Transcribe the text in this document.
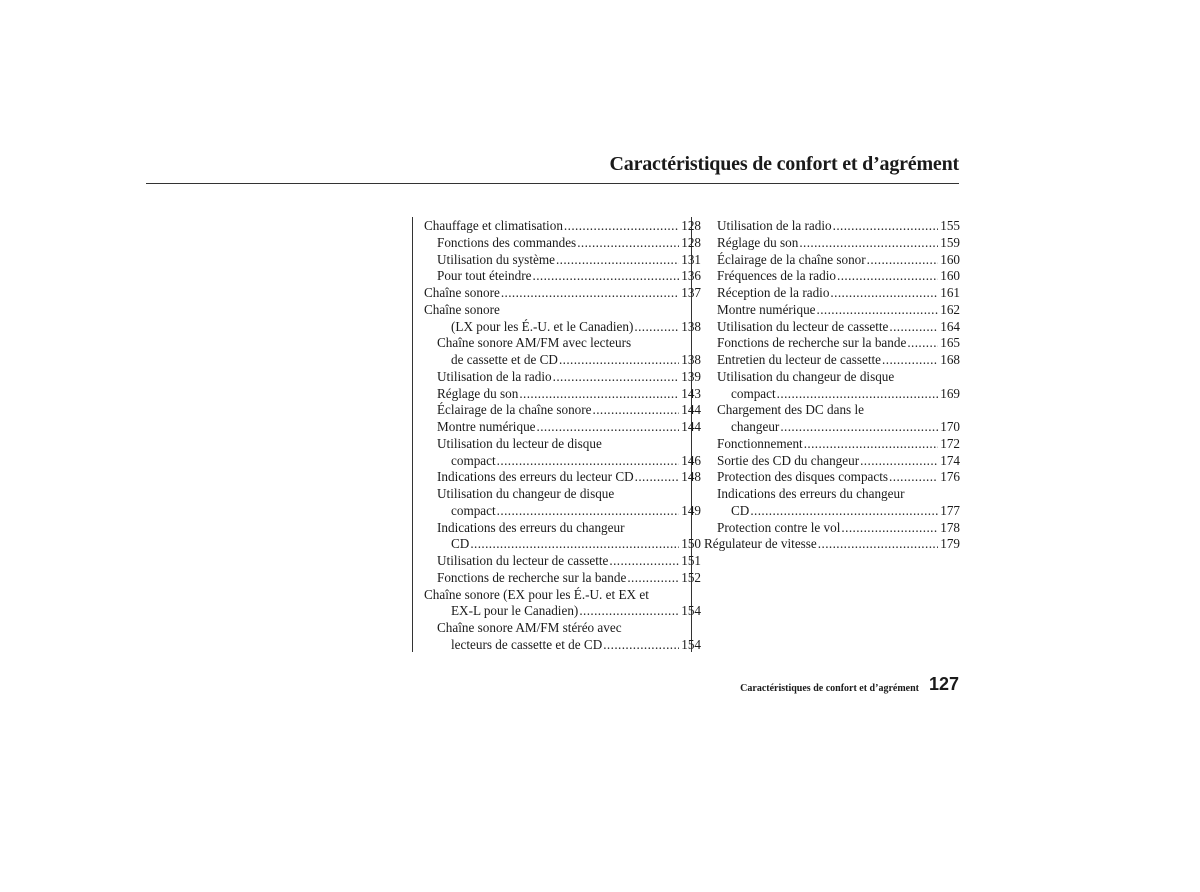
Caractéristiques de confort et d’agrément
Chauffage et climatisation .....	128
Fonctions des commandes .....	128
Utilisation du système .....	131
Pour tout éteindre .....	136
Chaîne sonore .....	137
Chaîne sonore
(LX pour les É.-U. et le Canadien) .....	138
Chaîne sonore AM/FM avec lecteurs
de cassette et de CD .....	138
Utilisation de la radio .....	139
Réglage du son .....	143
Éclairage de la chaîne sonore .....	144
Montre numérique .....	144
Utilisation du lecteur de disque
compact .....	146
Indications des erreurs du lecteur CD .....	148
Utilisation du changeur de disque
compact .....	149
Indications des erreurs du changeur
CD .....	150
Utilisation du lecteur de cassette .....	151
Fonctions de recherche sur la bande .....	152
Chaîne sonore (EX pour les É.-U. et EX et
EX-L pour le Canadien) .....	154
Chaîne sonore AM/FM stéréo avec
lecteurs de cassette et de CD .....	154
Utilisation de la radio .....	155
Réglage du son .....	159
Éclairage de la chaîne sonor .....	160
Fréquences de la radio .....	160
Réception de la radio .....	161
Montre numérique .....	162
Utilisation du lecteur de cassette .....	164
Fonctions de recherche sur la bande .....	165
Entretien du lecteur de cassette .....	168
Utilisation du changeur de disque
compact .....	169
Chargement des DC dans le
changeur .....	170
Fonctionnement .....	172
Sortie des CD du changeur .....	174
Protection des disques compacts .....	176
Indications des erreurs du changeur
CD .....	177
Protection contre le vol .....	178
Régulateur de vitesse .....	179
Caractéristiques de confort et d’agrément 127
